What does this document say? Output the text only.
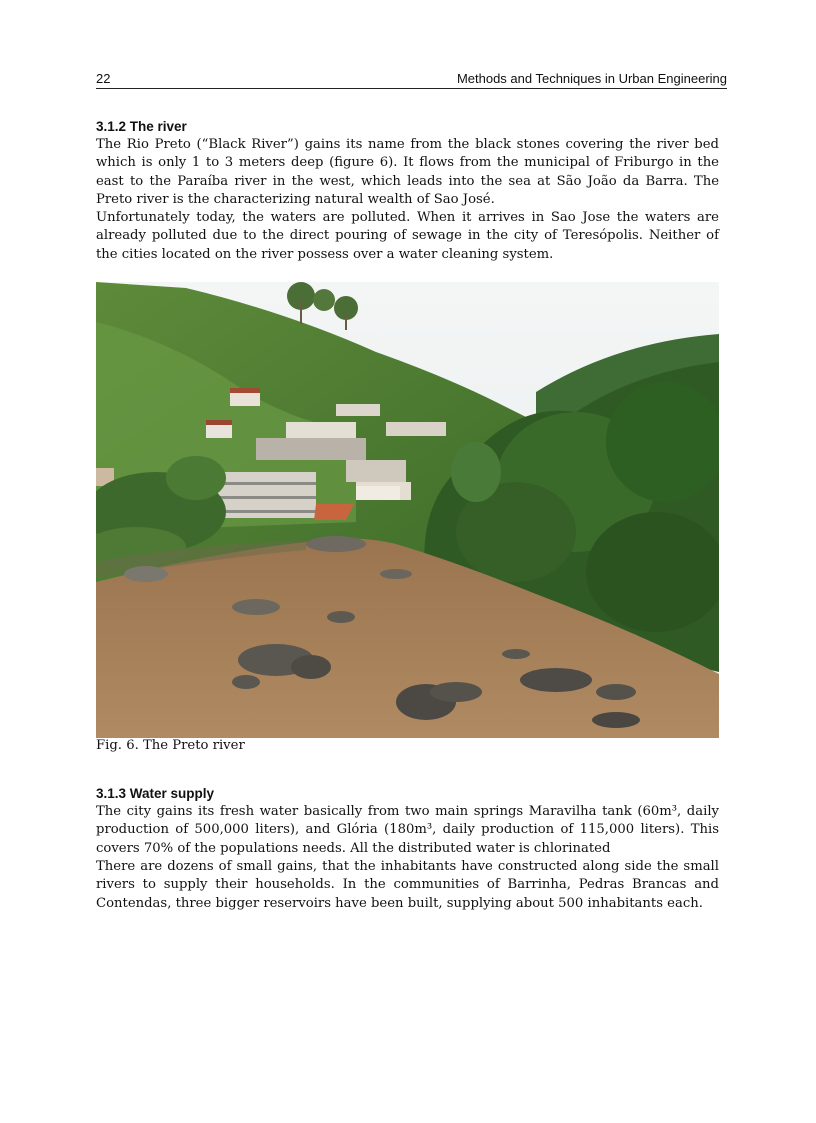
22	Methods and Techniques in Urban Engineering
3.1.2 The river

The Rio Preto (“Black River”) gains its name from the black stones covering the river bed which is only 1 to 3 meters deep (figure 6). It flows from the municipal of Friburgo in the east to the Paraíba river in the west, which leads into the sea at São João da Barra. The Preto river is the characterizing natural wealth of Sao José.

Unfortunately today, the waters are polluted. When it arrives in Sao Jose the waters are already polluted due to the direct pouring of sewage in the city of Teresópolis. Neither of the cities located on the river possess over a water cleaning system.

Fig. 6. The Preto river
3.1.3 Water supply

The city gains its fresh water basically from two main springs Maravilha tank (60m³, daily production of 500,000 liters), and Glória (180m³, daily production of 115,000 liters). This covers 70% of the populations needs. All the distributed water is chlorinated

There are dozens of small gains, that the inhabitants have constructed along side the small rivers to supply their households. In the communities of Barrinha, Pedras Brancas and Contendas, three bigger reservoirs have been built, supplying about 500 inhabitants each.
